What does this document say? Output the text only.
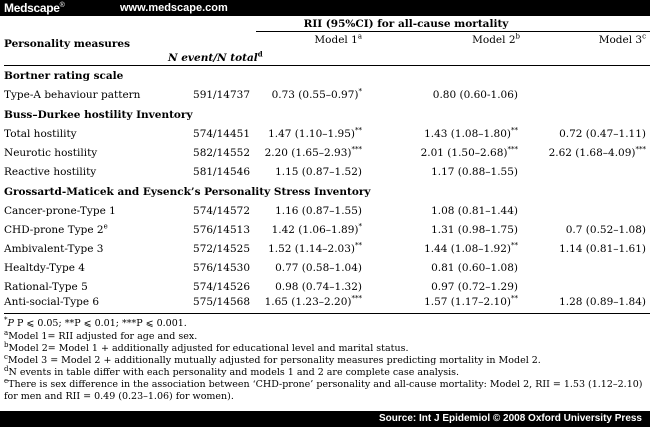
Medscape®	www.medscape.com
RII (95%CI) for all-cause mortality
Personality measures	Model 1$^a$	Model 2$^b$	Model 3$^c$
N event/N total$^d$
Bortner rating scale
Type-A behaviour pattern	591/14737	0.73 (0.55–0.97)*	0.80 (0.60-1.06)
Buss–Durkee hostility Inventory
Total hostility	574/14451	1.47 (1.10–1.95)**	1.43 (1.08–1.80)**	0.72 (0.47–1.11)
Neurotic hostility	582/14552	2.20 (1.65–2.93)***	2.01 (1.50–2.68)***	2.62 (1.68–4.09)***
Reactive hostility	581/14546	1.15 (0.87–1.52)	1.17 (0.88–1.55)
Grossartd-Maticek and Eysenck’s Personality Stress Inventory
Cancer-prone-Type 1	574/14572	1.16 (0.87–1.55)	1.08 (0.81–1.44)
CHD-prone Type 2e	576/14513	1.42 (1.06–1.89)*	1.31 (0.98–1.75)	0.7 (0.52–1.08)
Ambivalent-Type 3	572/14525	1.52 (1.14–2.03)**	1.44 (1.08–1.92)**	1.14 (0.81–1.61)
Healtdy-Type 4	576/14530	0.77 (0.58–1.04)	0.81 (0.60–1.08)
Rational-Type 5	574/14526	0.98 (0.74–1.32)	0.97 (0.72–1.29)
Anti-social-Type 6	575/14568	1.65 (1.23–2.20)***	1.57 (1.17–2.10)**	1.28 (0.89–1.84)
*P P ⩽ 0.05; **P ⩽ 0.01; ***P ⩽ 0.001.
$^a$Model 1= RII adjusted for age and sex.
$^b$Model 2= Model 1 + additionally adjusted for educational level and marital status.
$^c$Model 3 = Model 2 + additionally mutually adjusted for personality measures predicting mortality in Model 2.
$^d$N events in table differ with each personality and models 1 and 2 are complete case analysis.
$^e$There is sex difference in the association between ‘CHD-prone’ personality and all-cause mortality: Model 2, RII = 1.53 (1.12–2.10)
for men and RII = 0.49 (0.23–1.06) for women).
Source: Int J Epidemiol © 2008 Oxford University Press
